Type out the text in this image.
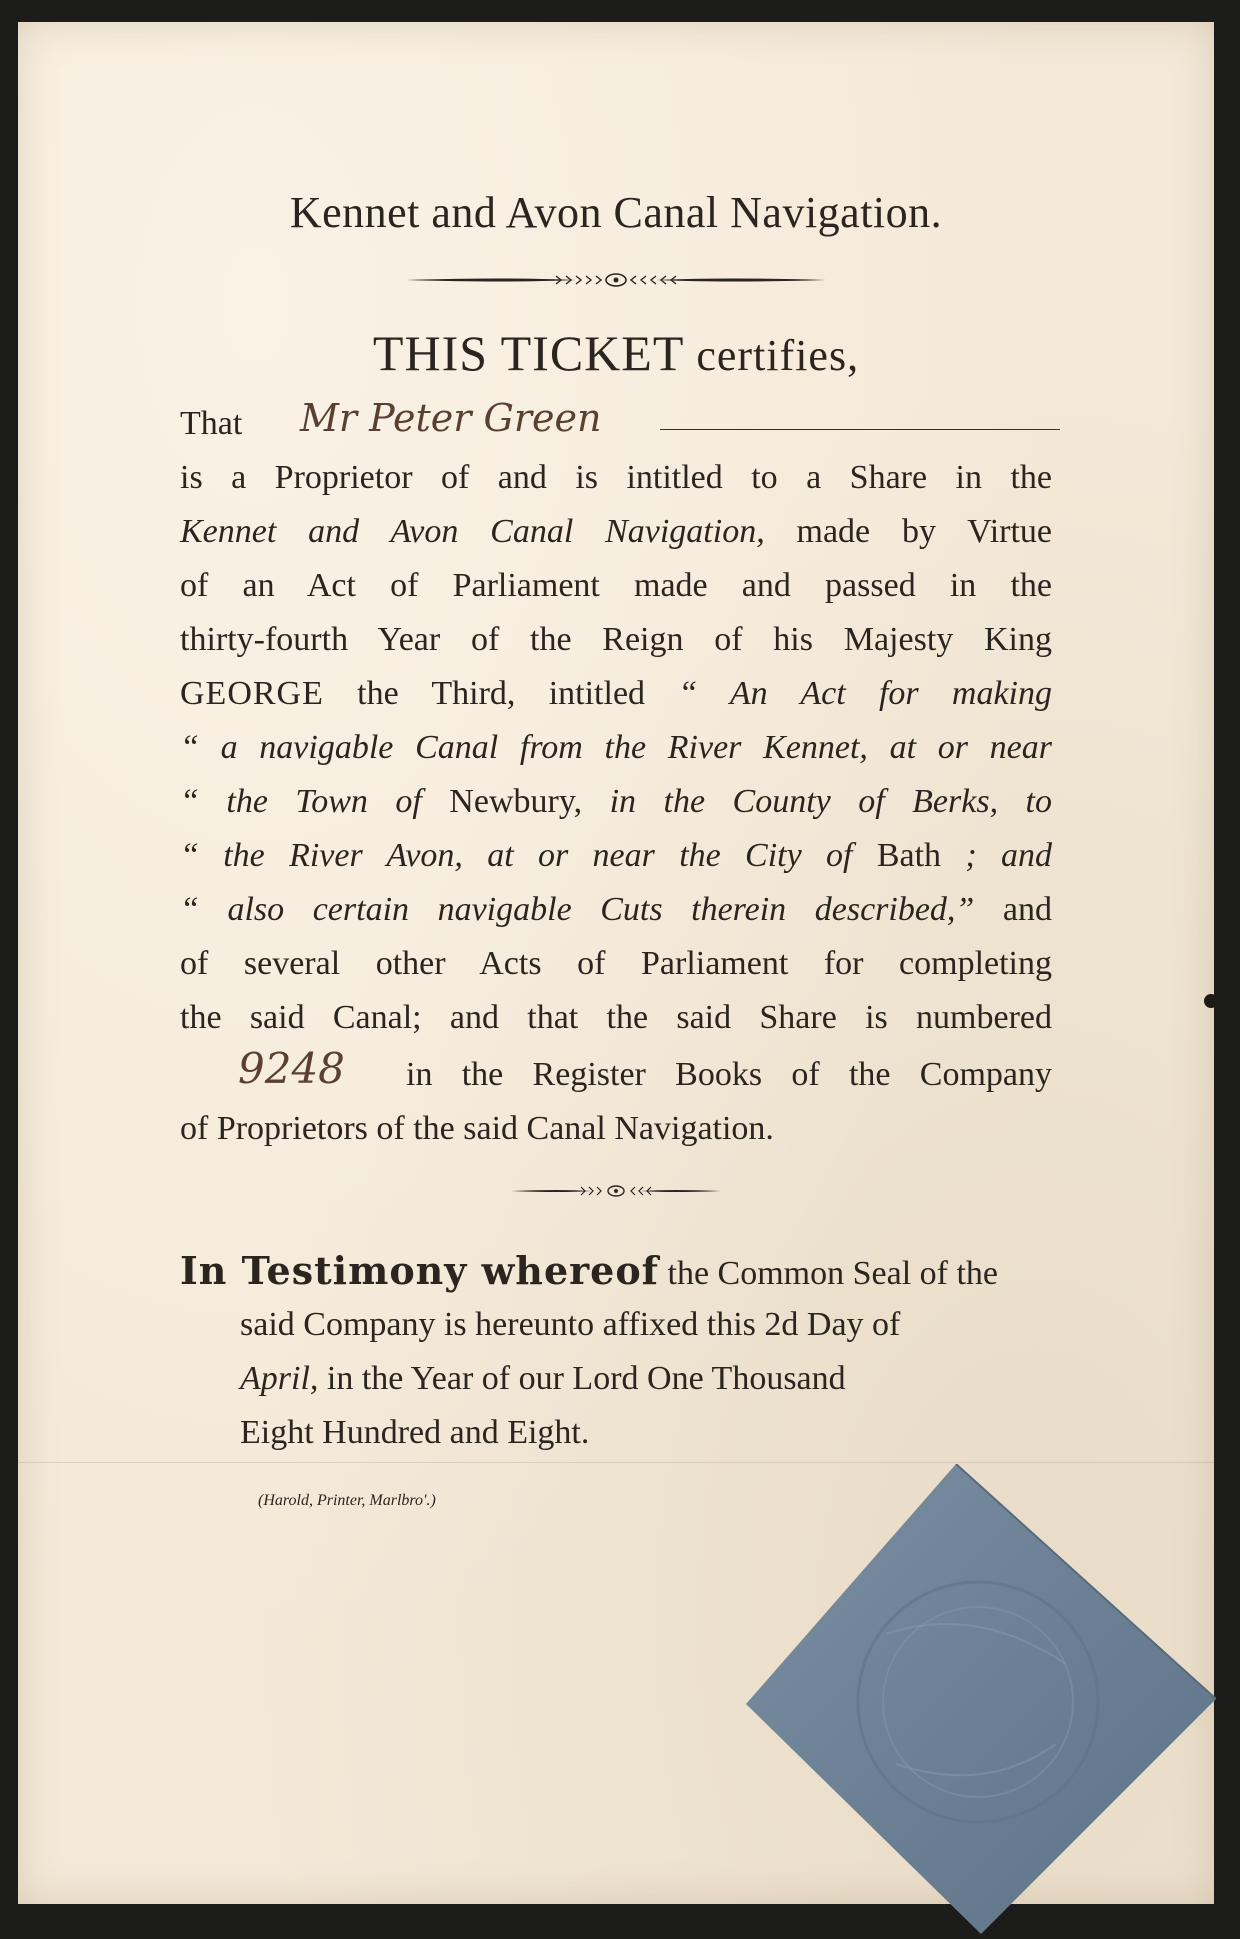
Kennet and Avon Canal Navigation.
THIS TICKET certifies,
That Mr Peter Green
is a Proprietor of and is intitled to a Share in the
Kennet and Avon Canal Navigation, made by Virtue
of an Act of Parliament made and passed in the
thirty-fourth Year of the Reign of his Majesty King
GEORGE the Third, intitled “ An Act for making
“ a navigable Canal from the River Kennet, at or near
“ the Town of Newbury, in the County of Berks, to
“ the River Avon, at or near the City of Bath ; and
“ also certain navigable Cuts therein described,” and
of several other Acts of Parliament for completing
the said Canal; and that the said Share is numbered
9248 in the Register Books of the Company
of Proprietors of the said Canal Navigation.
In Testimony whereof the Common Seal of the
said Company is hereunto affixed this 2d Day of
April, in the Year of our Lord One Thousand
Eight Hundred and Eight.
(Harold, Printer, Marlbro'.)
